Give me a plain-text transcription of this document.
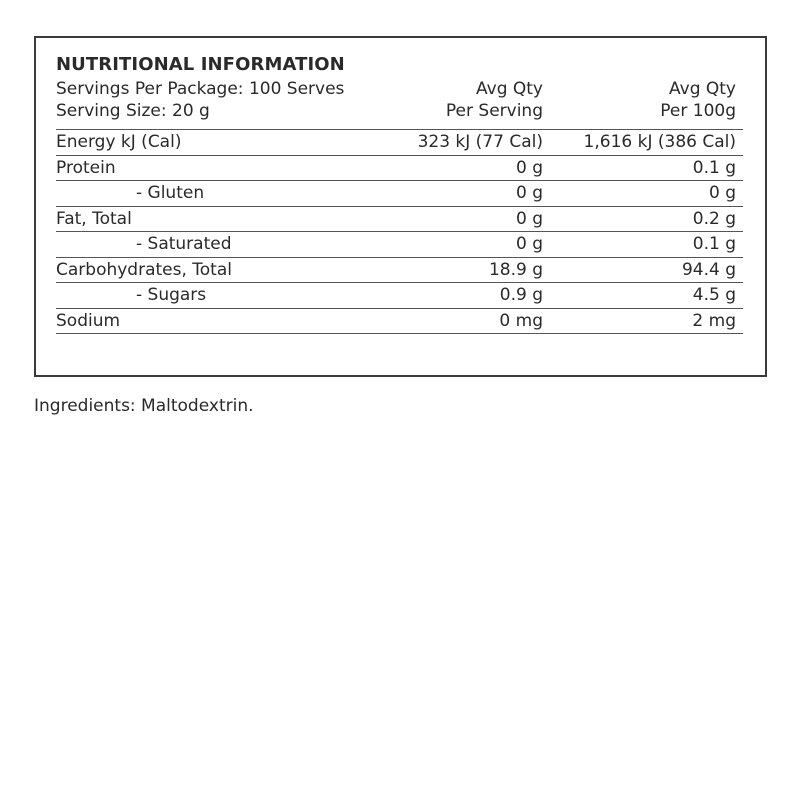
NUTRITIONAL INFORMATION
Servings Per Package: 100 Serves
Serving Size: 20 g
Avg Qty
Per Serving
Avg Qty
Per 100g
Energy kJ (Cal)	323 kJ (77 Cal)	1,616 kJ (386 Cal)
Protein	0 g	0.1 g
- Gluten	0 g	0 g
Fat, Total	0 g	0.2 g
- Saturated	0 g	0.1 g
Carbohydrates, Total	18.9 g	94.4 g
- Sugars	0.9 g	4.5 g
Sodium	0 mg	2 mg
Ingredients: Maltodextrin.
